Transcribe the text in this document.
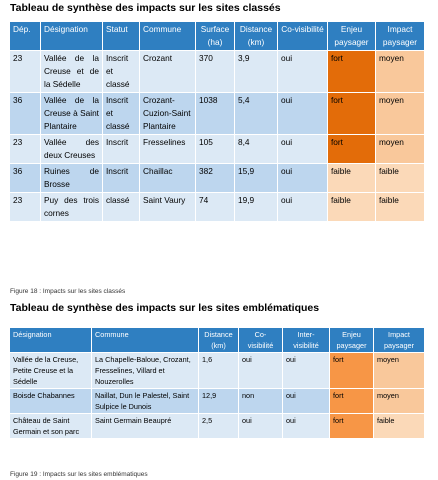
Tableau de synthèse des impacts sur les sites classés
Dép.	Désignation	Statut	Commune	Surface (ha)	Distance (km)	Co-visibilité	Enjeu paysager	Impact paysager
23	Vallée de la Creuse et de la Sédelle	Inscrit et classé	Crozant	370	3,9	oui	fort	moyen
36	Vallée de la Creuse à Saint Plantaire	Inscrit et classé	Crozant-Cuzion-Saint Plantaire	1038	5,4	oui	fort	moyen
23	Vallée des deux Creuses	Inscrit	Fresselines	105	8,4	oui	fort	moyen
36	Ruines de Brosse	Inscrit	Chaillac	382	15,9	oui	faible	faible
23	Puy des trois cornes	classé	Saint Vaury	74	19,9	oui	faible	faible
Figure 18 : Impacts sur les sites classés
Tableau de synthèse des impacts sur les sites emblématiques
Désignation	Commune	Distance (km)	Co-visibilité	Inter-visibilité	Enjeu paysager	Impact paysager
Vallée de la Creuse, Petite Creuse et la Sédelle	La Chapelle-Baloue, Crozant, Fresselines, Villard et Nouzerolles	1,6	oui	oui	fort	moyen
Boisde Chabannes	Naillat, Dun le Palestel, Saint Sulpice le Dunois	12,9	non	oui	fort	moyen
Château de Saint Germain et son parc	Saint Germain Beaupré	2,5	oui	oui	fort	faible
Figure 19 : Impacts sur les sites emblématiques
